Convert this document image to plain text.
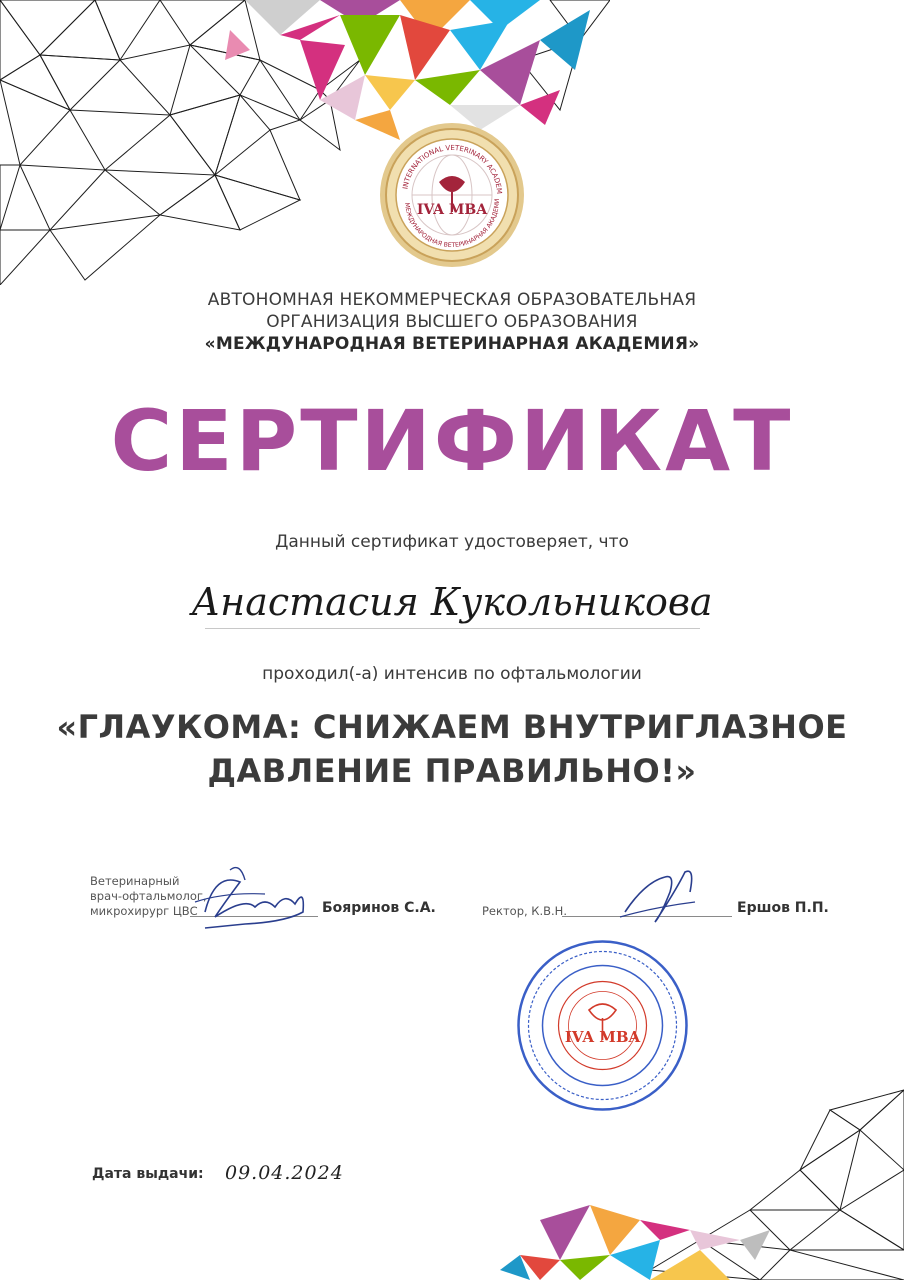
INTERNATIONAL VETERINARY ACADEM
МЕЖДУНАРОДНАЯ ВЕТЕРИНАРНАЯ АКАДЕМИ
IVA MBA
АВТОНОМНАЯ НЕКОММЕРЧЕСКАЯ ОБРАЗОВАТЕЛЬНАЯ
ОРГАНИЗАЦИЯ ВЫСШЕГО ОБРАЗОВАНИЯ
«МЕЖДУНАРОДНАЯ ВЕТЕРИНАРНАЯ АКАДЕМИЯ»
СЕРТИФИКАТ
Данный сертификат удостоверяет, что
Анастасия Кукольникова
проходил(-а) интенсив по офтальмологии
«ГЛАУКОМА: СНИЖАЕМ ВНУТРИГЛАЗНОЕ
ДАВЛЕНИЕ ПРАВИЛЬНО!»
Ветеринарный
врач-офтальмолог,
микрохирург ЦВС	Бояринов С.А.	Ректор, К.В.Н.	Ершов П.П.
IVA MBA
Дата выдачи: 09.04.2024
